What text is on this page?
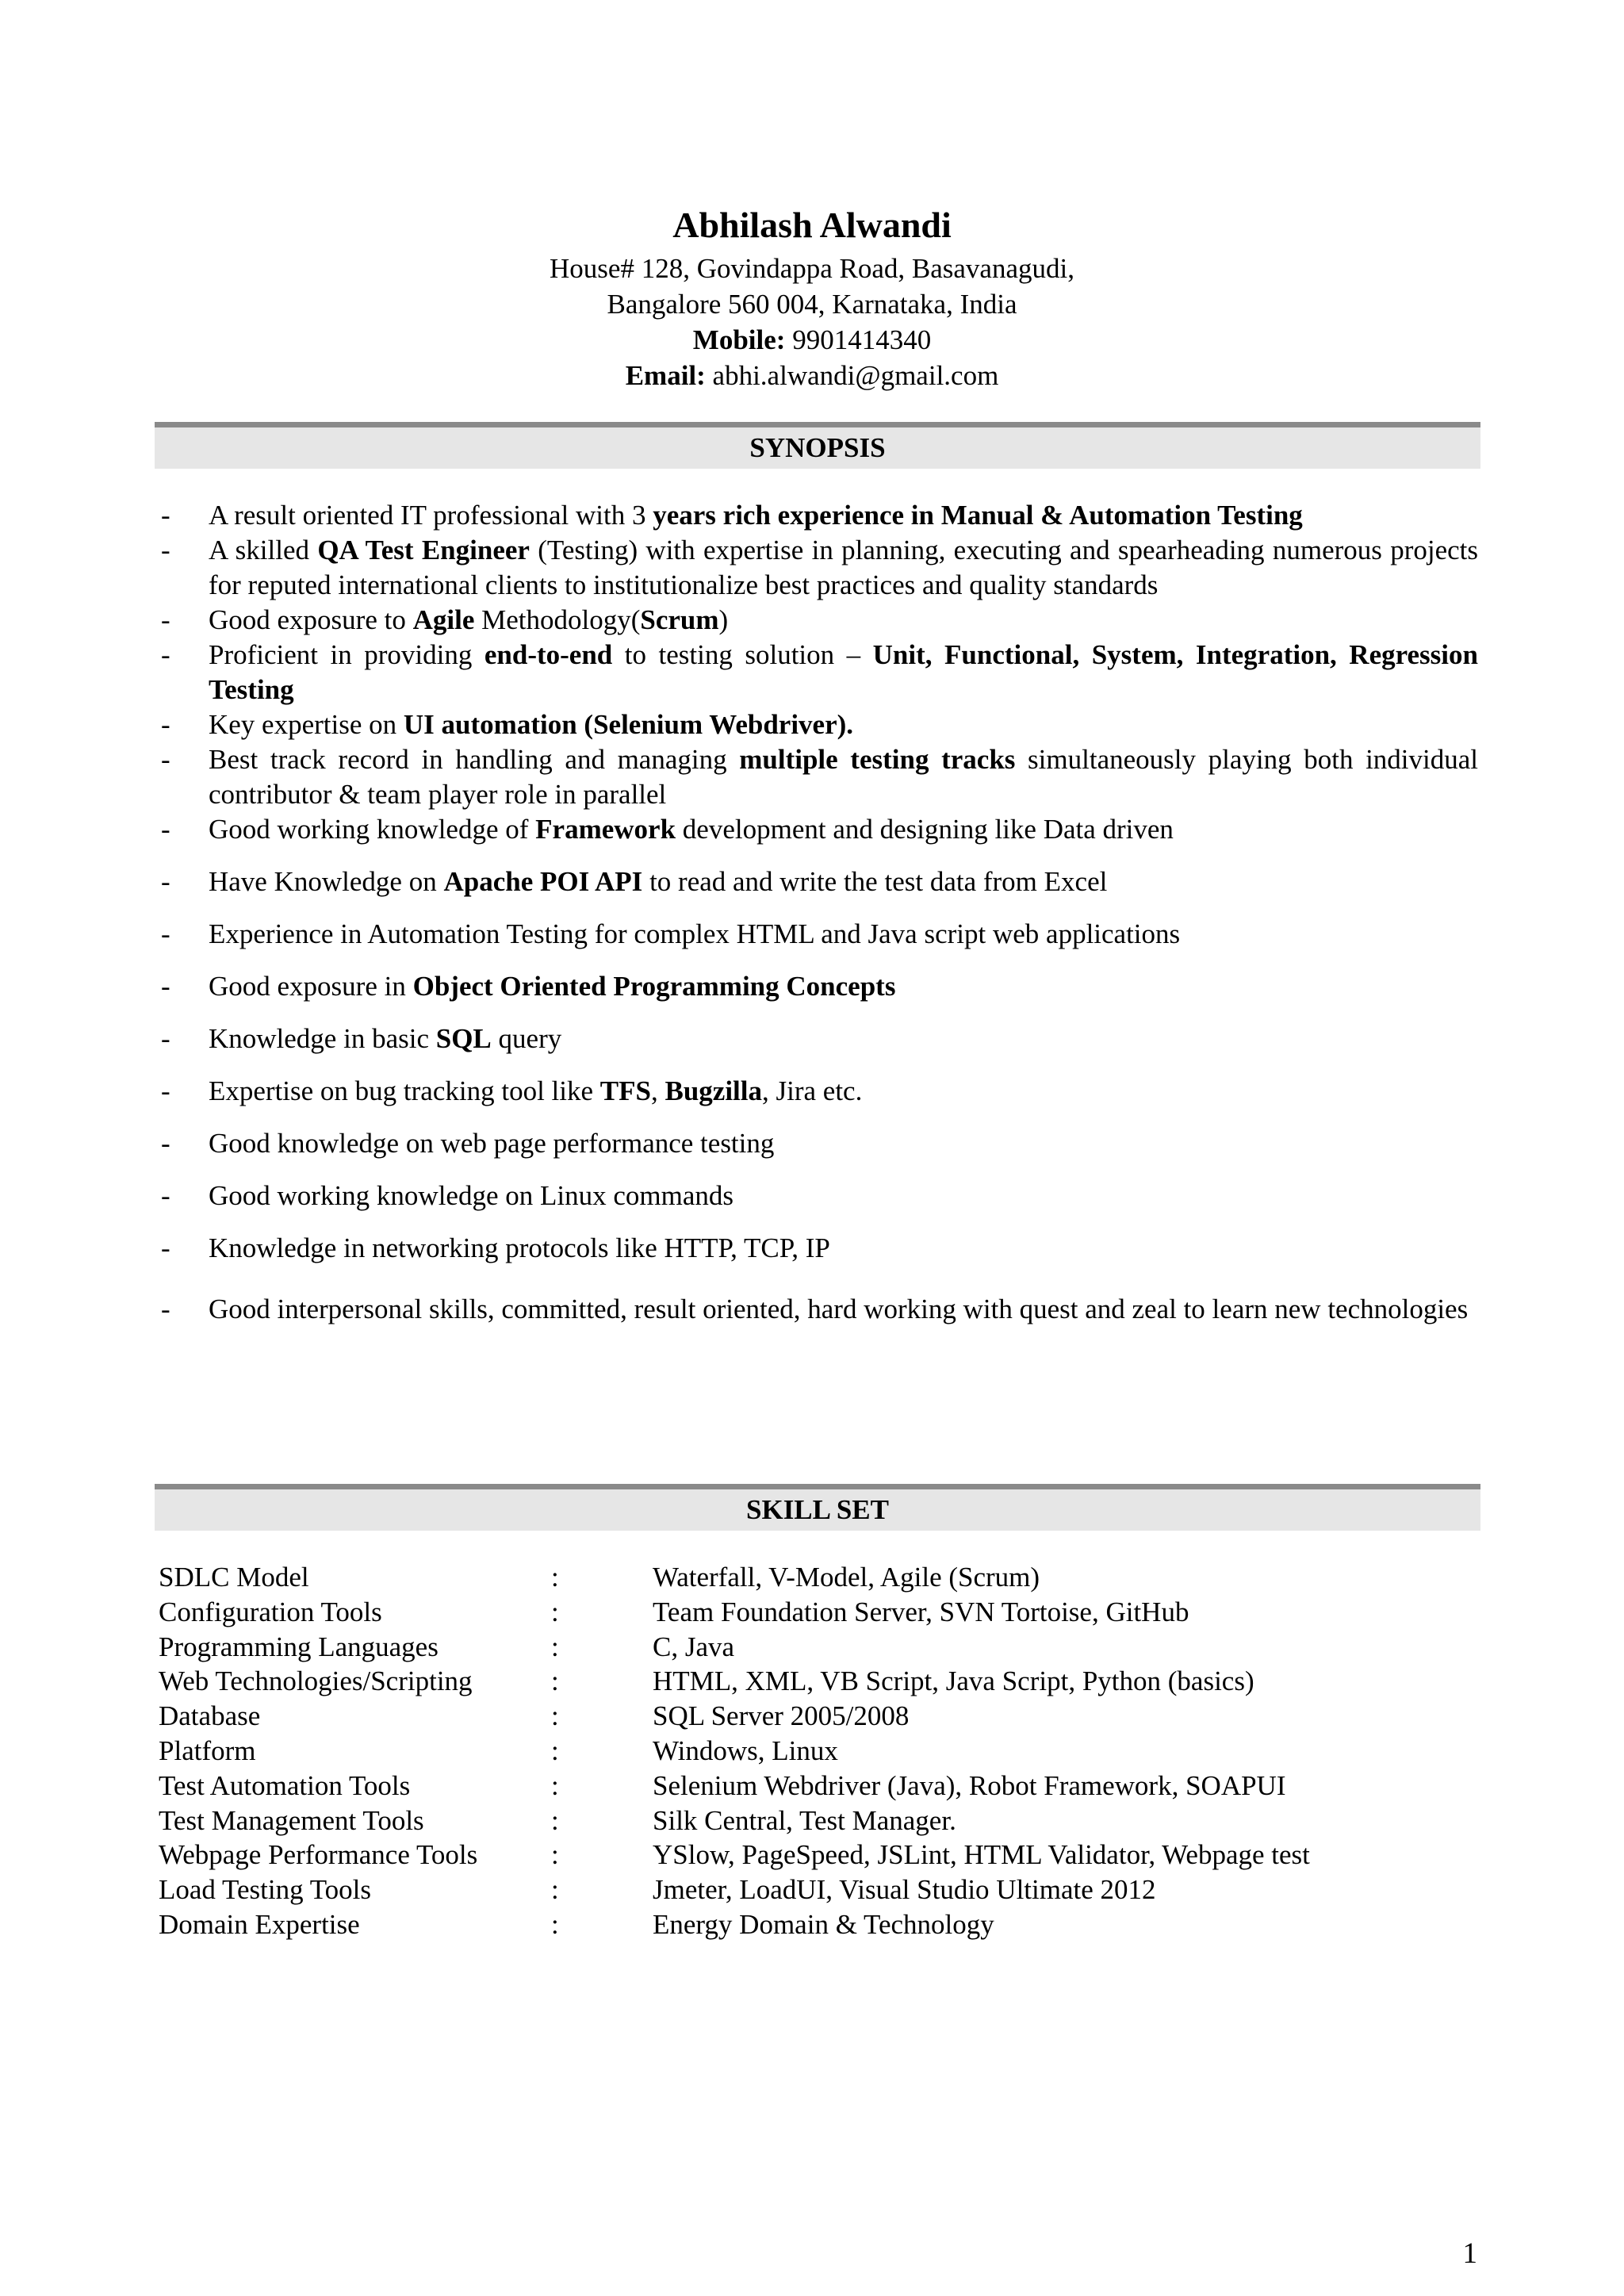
Abhilash Alwandi
House# 128, Govindappa Road, Basavanagudi,
Bangalore 560 004, Karnataka, India
Mobile: 9901414340
Email: abhi.alwandi@gmail.com
SYNOPSIS
-	A result oriented IT professional with 3 years rich experience in Manual & Automation Testing
-	A skilled QA Test Engineer (Testing) with expertise in planning, executing and spearheading numerous projects for reputed international clients to institutionalize best practices and quality standards
-	Good exposure to Agile Methodology(Scrum)
-	Proficient in providing end-to-end to testing solution – Unit, Functional, System, Integration, Regression Testing
-	Key expertise on UI automation (Selenium Webdriver).
-	Best track record in handling and managing multiple testing tracks simultaneously playing both individual contributor & team player role in parallel
-	Good working knowledge of Framework development and designing like Data driven
-	Have Knowledge on Apache POI API to read and write the test data from Excel
-	Experience in Automation Testing for complex HTML and Java script web applications
-	Good exposure in Object Oriented Programming Concepts
-	Knowledge in basic SQL query
-	Expertise on bug tracking tool like TFS, Bugzilla, Jira etc.
-	Good knowledge on web page performance testing
-	Good working knowledge on Linux commands
-	Knowledge in networking protocols like HTTP, TCP, IP
-	Good interpersonal skills, committed, result oriented, hard working with quest and zeal to learn new technologies
SKILL SET
SDLC Model	:	Waterfall, V-Model, Agile (Scrum)
Configuration Tools	:	Team Foundation Server, SVN Tortoise, GitHub
Programming Languages	:	C, Java
Web Technologies/Scripting	:	HTML, XML, VB Script, Java Script, Python (basics)
Database	:	SQL Server 2005/2008
Platform	:	Windows, Linux
Test Automation Tools	:	Selenium Webdriver (Java), Robot Framework, SOAPUI
Test Management Tools	:	Silk Central, Test Manager.
Webpage Performance Tools	:	YSlow, PageSpeed, JSLint, HTML Validator, Webpage test
Load Testing Tools	:	Jmeter, LoadUI, Visual Studio Ultimate 2012
Domain Expertise	:	Energy Domain & Technology
1
